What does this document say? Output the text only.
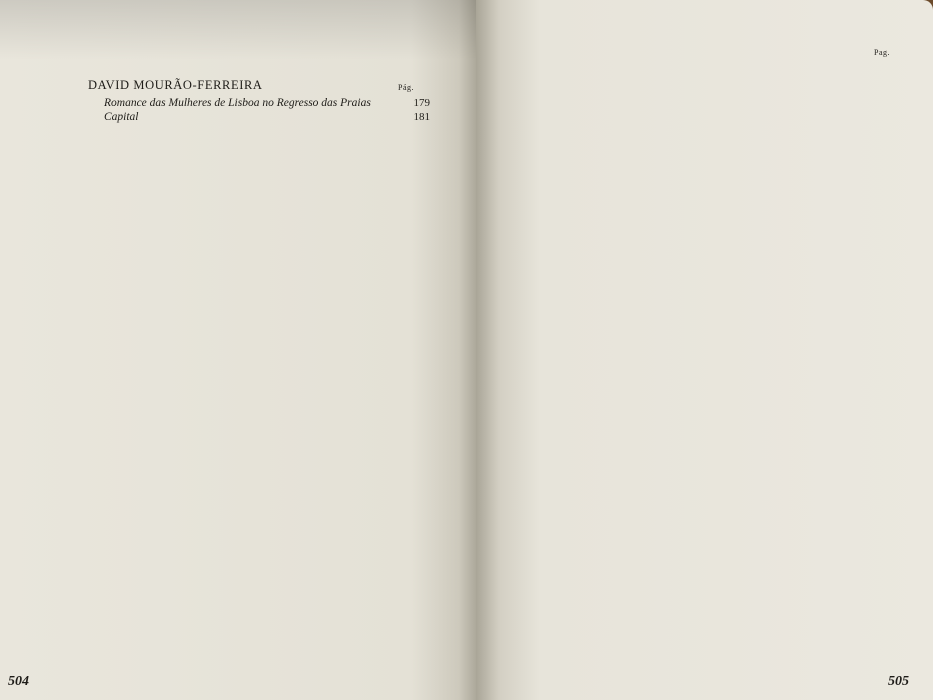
Pág.
DAVID MOURÃO-FERREIRA
Romance das Mulheres de Lisboa no Regresso das Praias	179
Capital	181
504
Pag.
505
